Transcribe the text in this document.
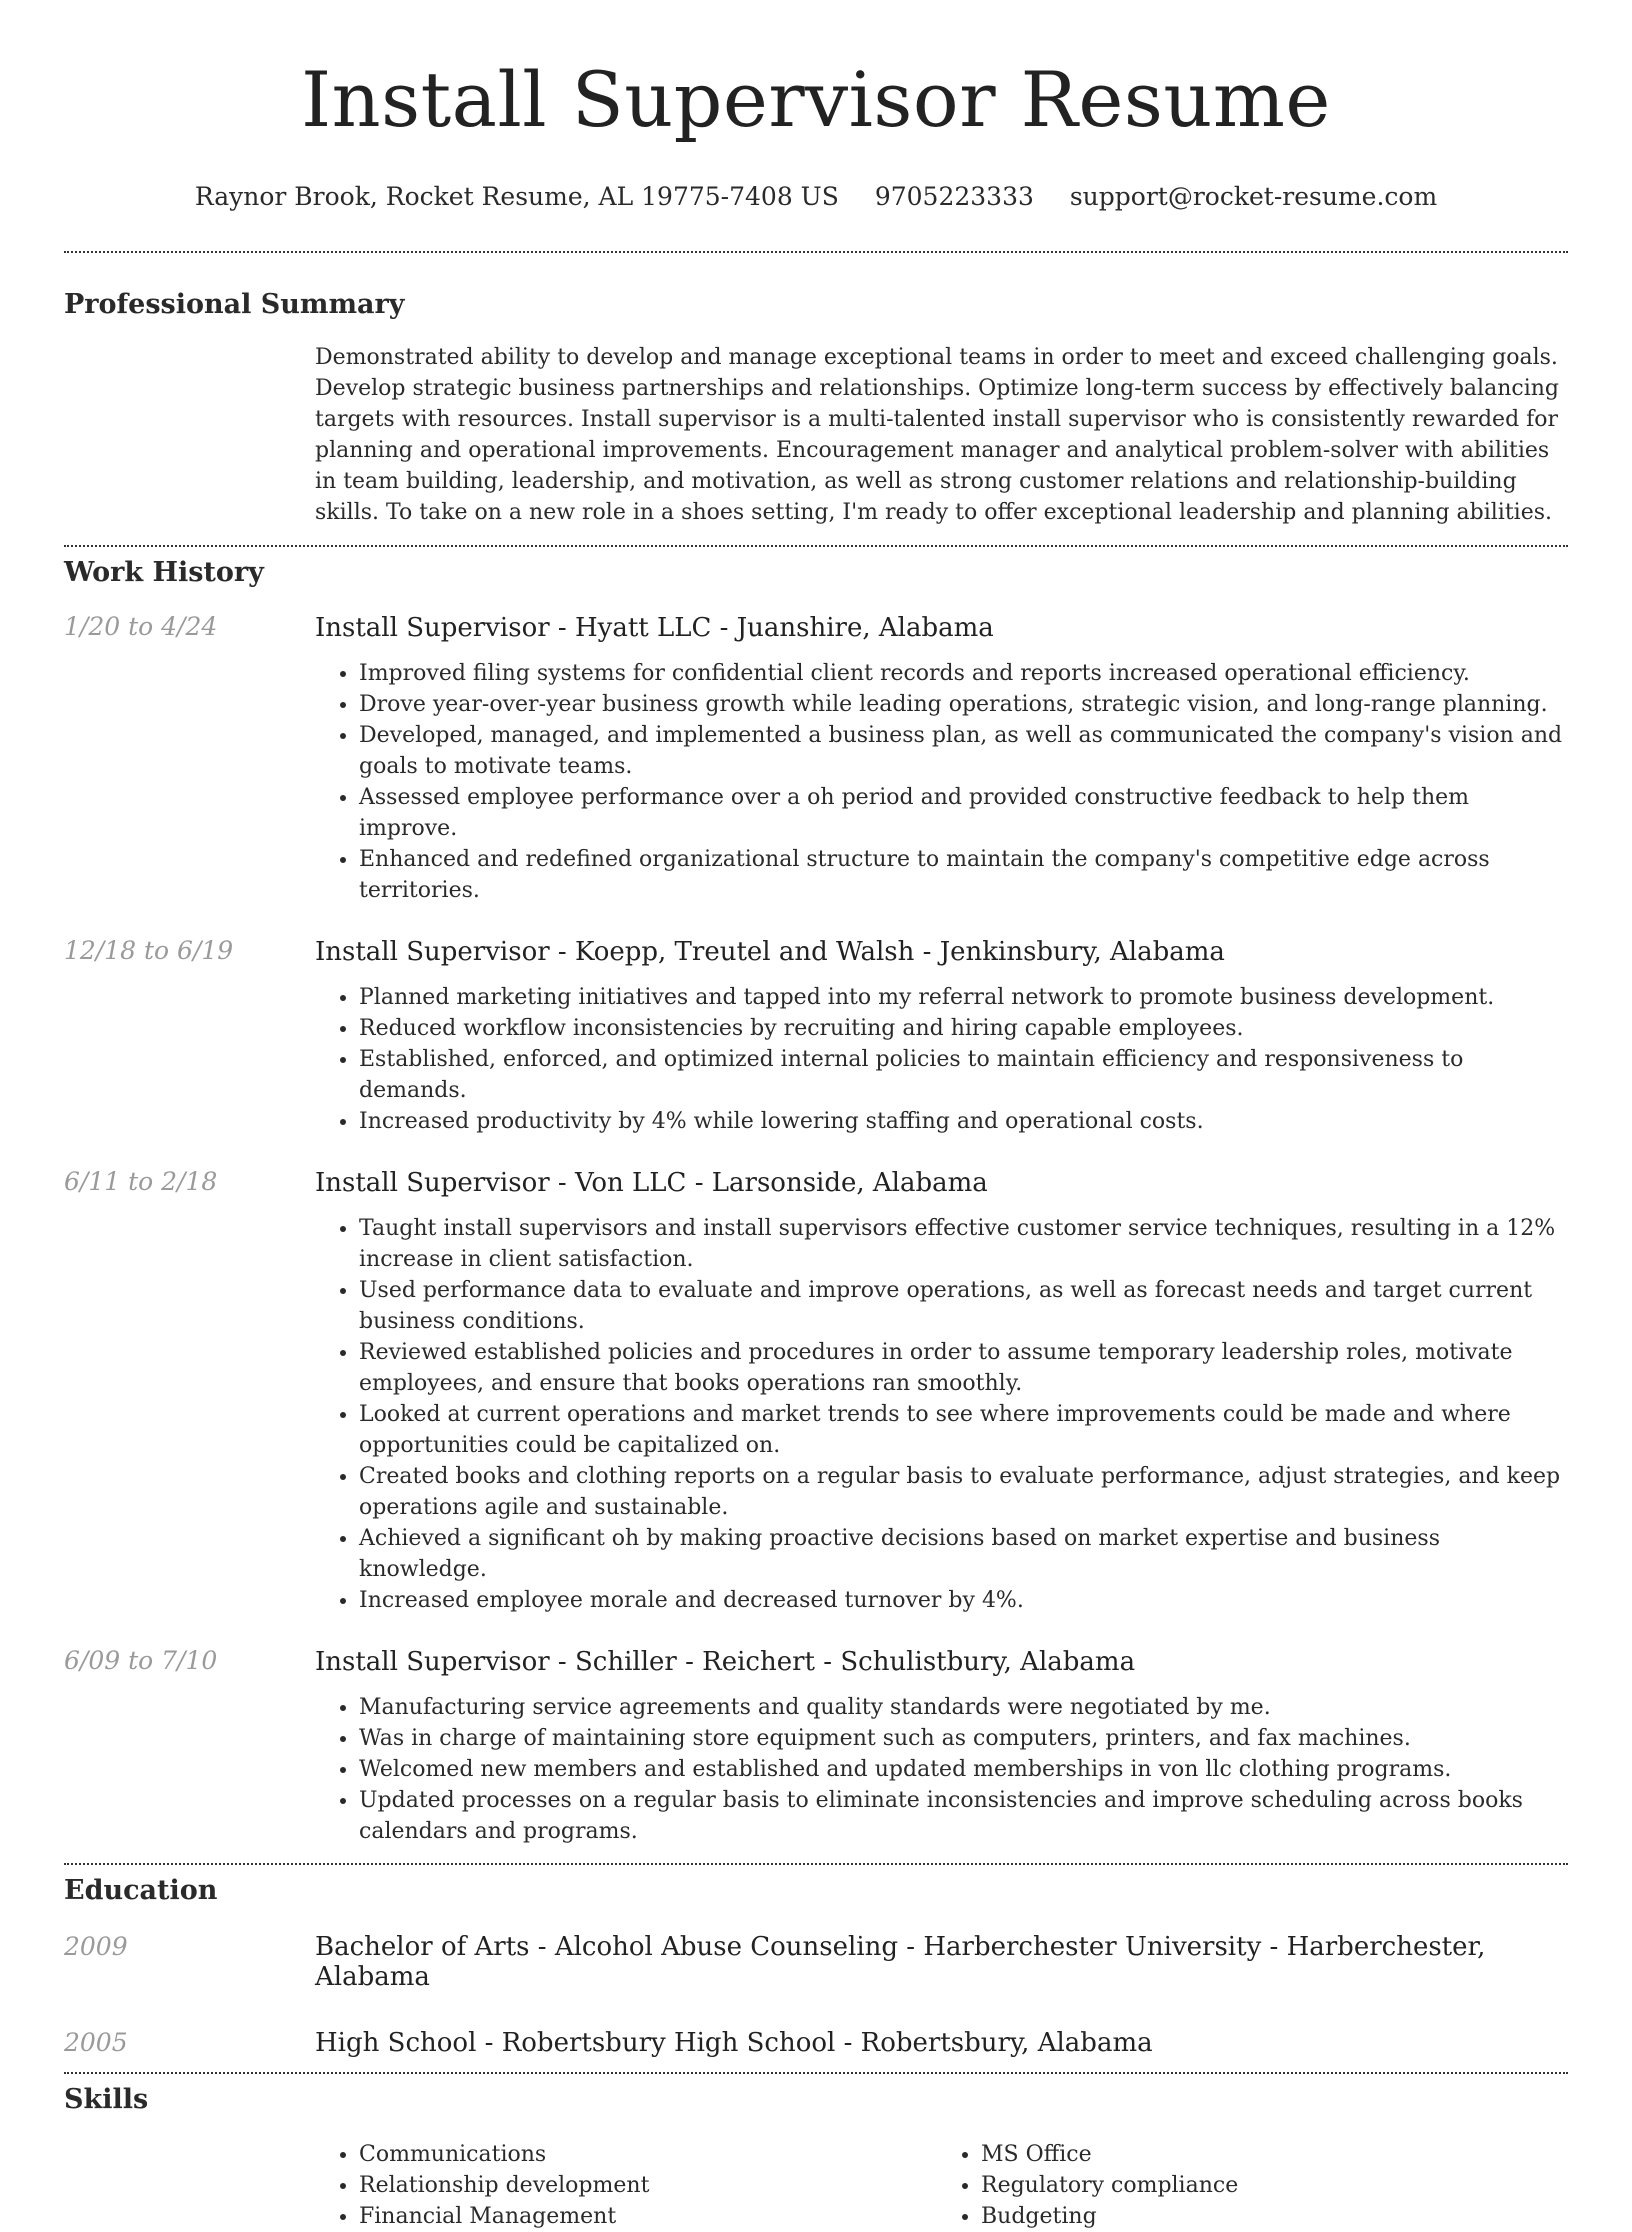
Install Supervisor Resume
Raynor Brook, Rocket Resume, AL 19775-7408 US 9705223333 support@rocket-resume.com
Professional Summary

Demonstrated ability to develop and manage exceptional teams in order to meet and exceed challenging goals. Develop strategic business partnerships and relationships. Optimize long-term success by effectively balancing targets with resources. Install supervisor is a multi-talented install supervisor who is consistently rewarded for planning and operational improvements. Encouragement manager and analytical problem-solver with abilities in team building, leadership, and motivation, as well as strong customer relations and relationship-building skills. To take on a new role in a shoes setting, I'm ready to offer exceptional leadership and planning abilities.

Work History
1/20 to 4/24	Install Supervisor - Hyatt LLC - Juanshire, Alabama
• Improved filing systems for confidential client records and reports increased operational efficiency.
• Drove year-over-year business growth while leading operations, strategic vision, and long-range planning.
• Developed, managed, and implemented a business plan, as well as communicated the company's vision and goals to motivate teams.
• Assessed employee performance over a oh period and provided constructive feedback to help them improve.
• Enhanced and redefined organizational structure to maintain the company's competitive edge across territories.
12/18 to 6/19	Install Supervisor - Koepp, Treutel and Walsh - Jenkinsbury, Alabama
• Planned marketing initiatives and tapped into my referral network to promote business development.
• Reduced workflow inconsistencies by recruiting and hiring capable employees.
• Established, enforced, and optimized internal policies to maintain efficiency and responsiveness to demands.
• Increased productivity by 4% while lowering staffing and operational costs.
6/11 to 2/18	Install Supervisor - Von LLC - Larsonside, Alabama
• Taught install supervisors and install supervisors effective customer service techniques, resulting in a 12% increase in client satisfaction.
• Used performance data to evaluate and improve operations, as well as forecast needs and target current business conditions.
• Reviewed established policies and procedures in order to assume temporary leadership roles, motivate employees, and ensure that books operations ran smoothly.
• Looked at current operations and market trends to see where improvements could be made and where opportunities could be capitalized on.
• Created books and clothing reports on a regular basis to evaluate performance, adjust strategies, and keep operations agile and sustainable.
• Achieved a significant oh by making proactive decisions based on market expertise and business knowledge.
• Increased employee morale and decreased turnover by 4%.
6/09 to 7/10	Install Supervisor - Schiller - Reichert - Schulistbury, Alabama
• Manufacturing service agreements and quality standards were negotiated by me.
• Was in charge of maintaining store equipment such as computers, printers, and fax machines.
• Welcomed new members and established and updated memberships in von llc clothing programs.
• Updated processes on a regular basis to eliminate inconsistencies and improve scheduling across books calendars and programs.
Education
2009	Bachelor of Arts - Alcohol Abuse Counseling - Harberchester University - Harberchester, Alabama
2005	High School - Robertsbury High School - Robertsbury, Alabama
Skills
• Communications
• Relationship development
• Financial Management
• MS Office
• Regulatory compliance
• Budgeting
